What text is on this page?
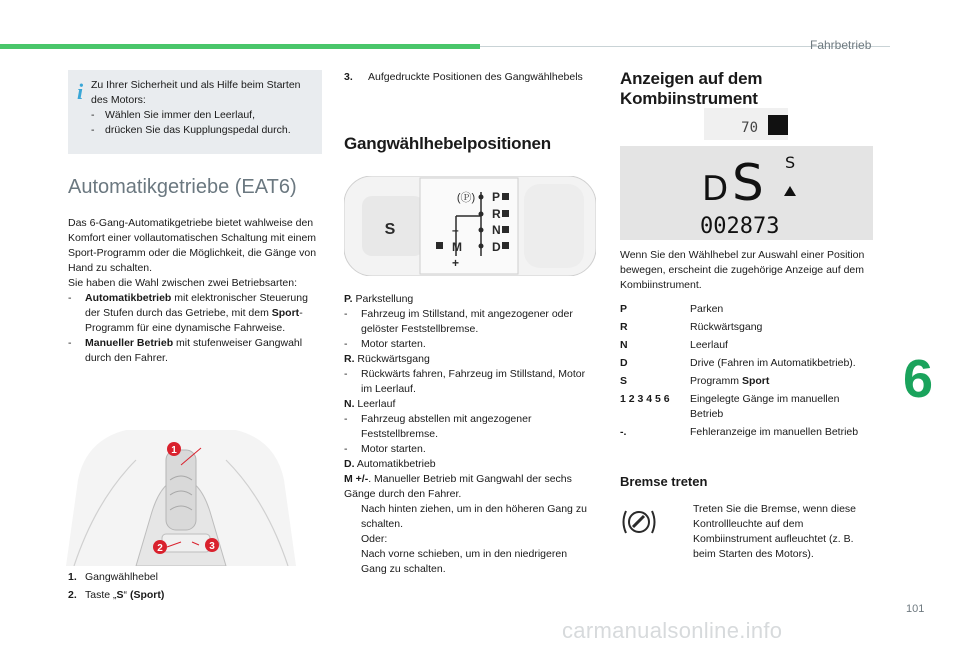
Fahrbetrieb
6
101
carmanualsonline.info
i Zu Ihrer Sicherheit und als Hilfe beim Starten des Motors:
-	Wählen Sie immer den Leerlauf,
-	drücken Sie das Kupplungspedal durch.
Automatikgetriebe (EAT6)
Das 6-Gang-Automatikgetriebe bietet wahlweise den Komfort einer vollautomatischen Schaltung mit einem Sport-Programm oder die Möglichkeit, die Gänge von Hand zu schalten.
Sie haben die Wahl zwischen zwei Betriebsarten:
-	Automatikbetrieb mit elektronischer Steuerung der Stufen durch das Getriebe, mit dem Sport-Programm für eine dynamische Fahrweise.
-	Manueller Betrieb mit stufenweiser Gangwahl durch den Fahrer.
1
2	3
1. Gangwählhebel
2. Taste „S“ (Sport)
3.	Aufgedruckte Positionen des Gangwählhebels
Gangwählhebelpositionen
S
(Ⓟ) P
R
N
D
–
M
+
P. Parkstellung
-	Fahrzeug im Stillstand, mit angezogener oder gelöster Feststellbremse.
-	Motor starten.
R. Rückwärtsgang
-	Rückwärts fahren, Fahrzeug im Stillstand, Motor im Leerlauf.
N. Leerlauf
-	Fahrzeug abstellen mit angezogener Feststellbremse.
-	Motor starten.
D. Automatikbetrieb
M +/-. Manueller Betrieb mit Gangwahl der sechs Gänge durch den Fahrer.
Nach hinten ziehen, um in den höheren Gang zu schalten.
Oder:
Nach vorne schieben, um in den niedrigeren Gang zu schalten.
Anzeigen auf dem Kombiinstrument
70
D S S
002873
Wenn Sie den Wählhebel zur Auswahl einer Position bewegen, erscheint die zugehörige Anzeige auf dem Kombiinstrument.
P	Parken
R	Rückwärtsgang
N	Leerlauf
D	Drive (Fahren im Automatikbetrieb).
S	Programm Sport
1 2 3 4 5 6	Eingelegte Gänge im manuellen Betrieb
-.	Fehleranzeige im manuellen Betrieb
Bremse treten
Treten Sie die Bremse, wenn diese Kontrollleuchte auf dem Kombiinstrument aufleuchtet (z. B. beim Starten des Motors).
